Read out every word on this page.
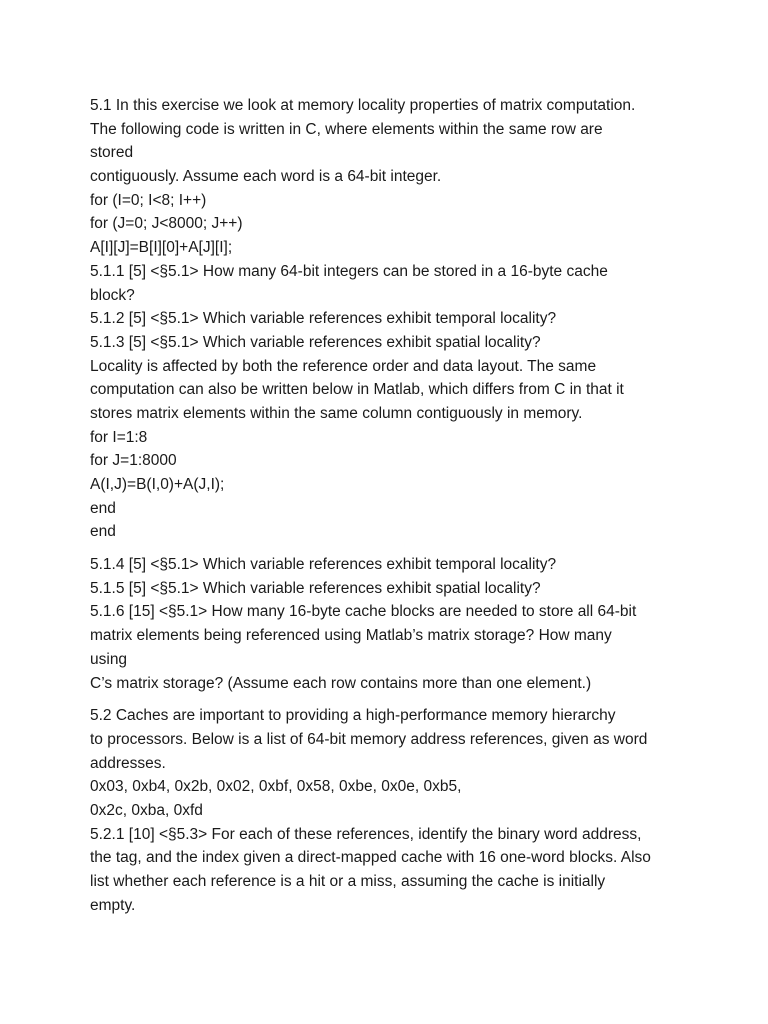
5.1 In this exercise we look at memory locality properties of matrix computation.
The following code is written in C, where elements within the same row are
stored
contiguously. Assume each word is a 64-bit integer.
for (I=0; I<8; I++)
for (J=0; J<8000; J++)
A[I][J]=B[I][0]+A[J][I];
5.1.1 [5] <§5.1> How many 64-bit integers can be stored in a 16-byte cache
block?
5.1.2 [5] <§5.1> Which variable references exhibit temporal locality?
5.1.3 [5] <§5.1> Which variable references exhibit spatial locality?
Locality is affected by both the reference order and data layout. The same
computation can also be written below in Matlab, which differs from C in that it
stores matrix elements within the same column contiguously in memory.
for I=1:8
for J=1:8000
A(I,J)=B(I,0)+A(J,I);
end
end
5.1.4 [5] <§5.1> Which variable references exhibit temporal locality?
5.1.5 [5] <§5.1> Which variable references exhibit spatial locality?
5.1.6 [15] <§5.1> How many 16-byte cache blocks are needed to store all 64-bit
matrix elements being referenced using Matlab’s matrix storage? How many
using
C’s matrix storage? (Assume each row contains more than one element.)
5.2 Caches are important to providing a high-performance memory hierarchy
to processors. Below is a list of 64-bit memory address references, given as word
addresses.
0x03, 0xb4, 0x2b, 0x02, 0xbf, 0x58, 0xbe, 0x0e, 0xb5,
0x2c, 0xba, 0xfd
5.2.1 [10] <§5.3> For each of these references, identify the binary word address,
the tag, and the index given a direct-mapped cache with 16 one-word blocks. Also
list whether each reference is a hit or a miss, assuming the cache is initially
empty.
